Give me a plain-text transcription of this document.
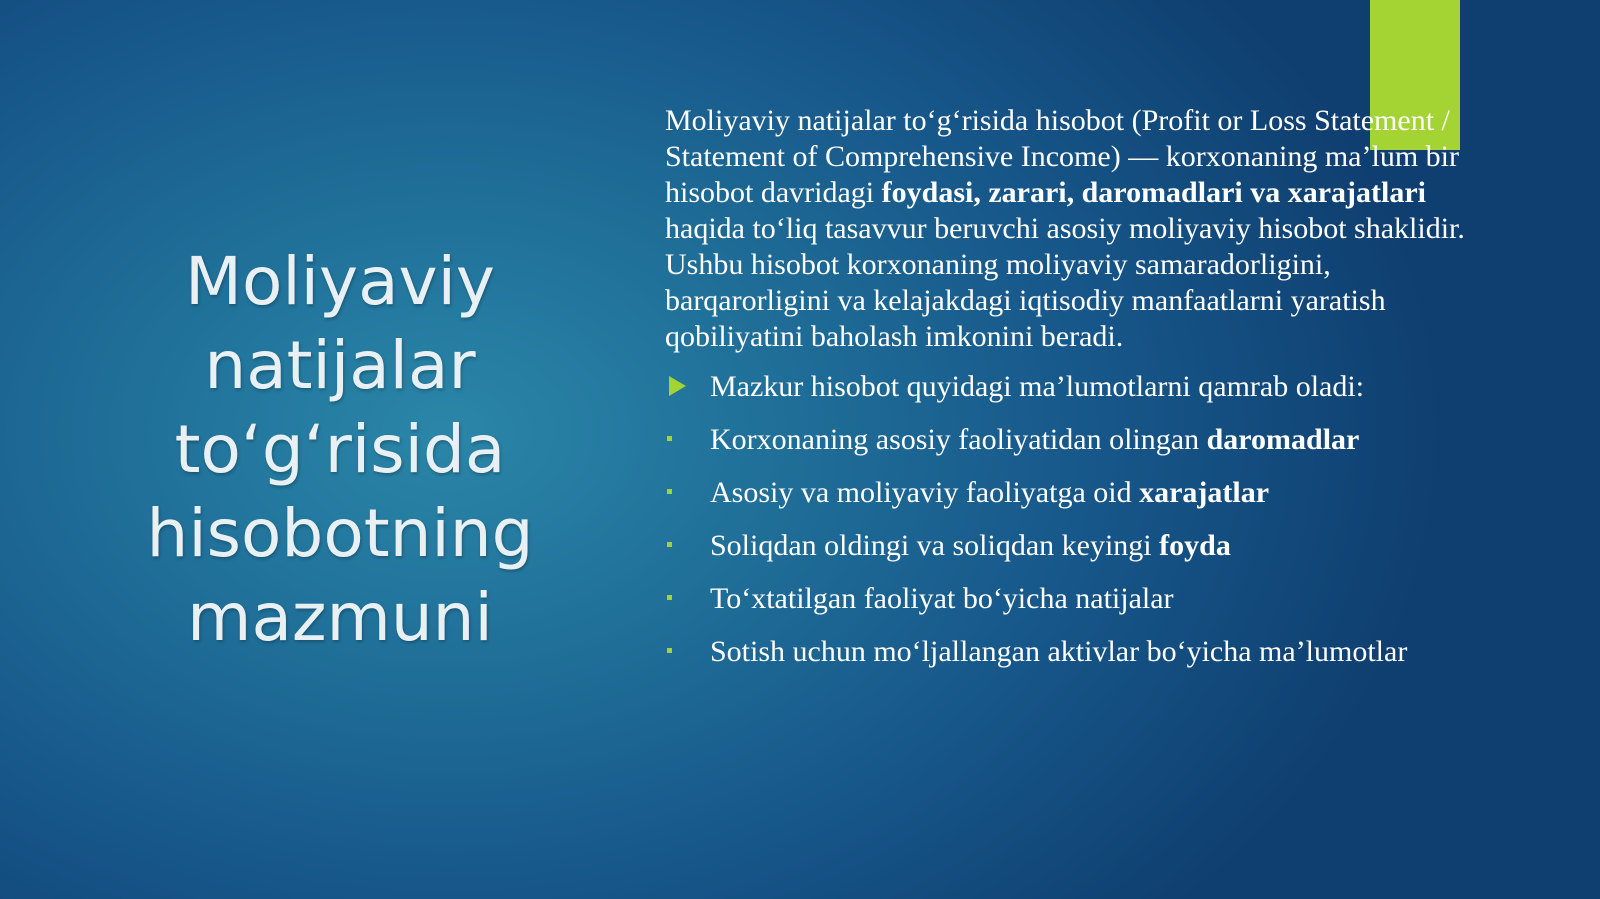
Moliyaviy natijalar to‘g‘risida hisobotning mazmuni

Moliyaviy natijalar to‘g‘risida hisobot (Profit or Loss Statement / Statement of Comprehensive Income) — korxonaning ma’lum bir hisobot davridagi foydasi, zarari, daromadlari va xarajatlari haqida to‘liq tasavvur beruvchi asosiy moliyaviy hisobot shaklidir. Ushbu hisobot korxonaning moliyaviy samaradorligini, barqarorligini va kelajakdagi iqtisodiy manfaatlarni yaratish qobiliyatini baholash imkonini beradi.

Mazkur hisobot quyidagi ma’lumotlarni qamrab oladi:
Korxonaning asosiy faoliyatidan olingan daromadlar
Asosiy va moliyaviy faoliyatga oid xarajatlar
Soliqdan oldingi va soliqdan keyingi foyda
To‘xtatilgan faoliyat bo‘yicha natijalar
Sotish uchun mo‘ljallangan aktivlar bo‘yicha ma’lumotlar
